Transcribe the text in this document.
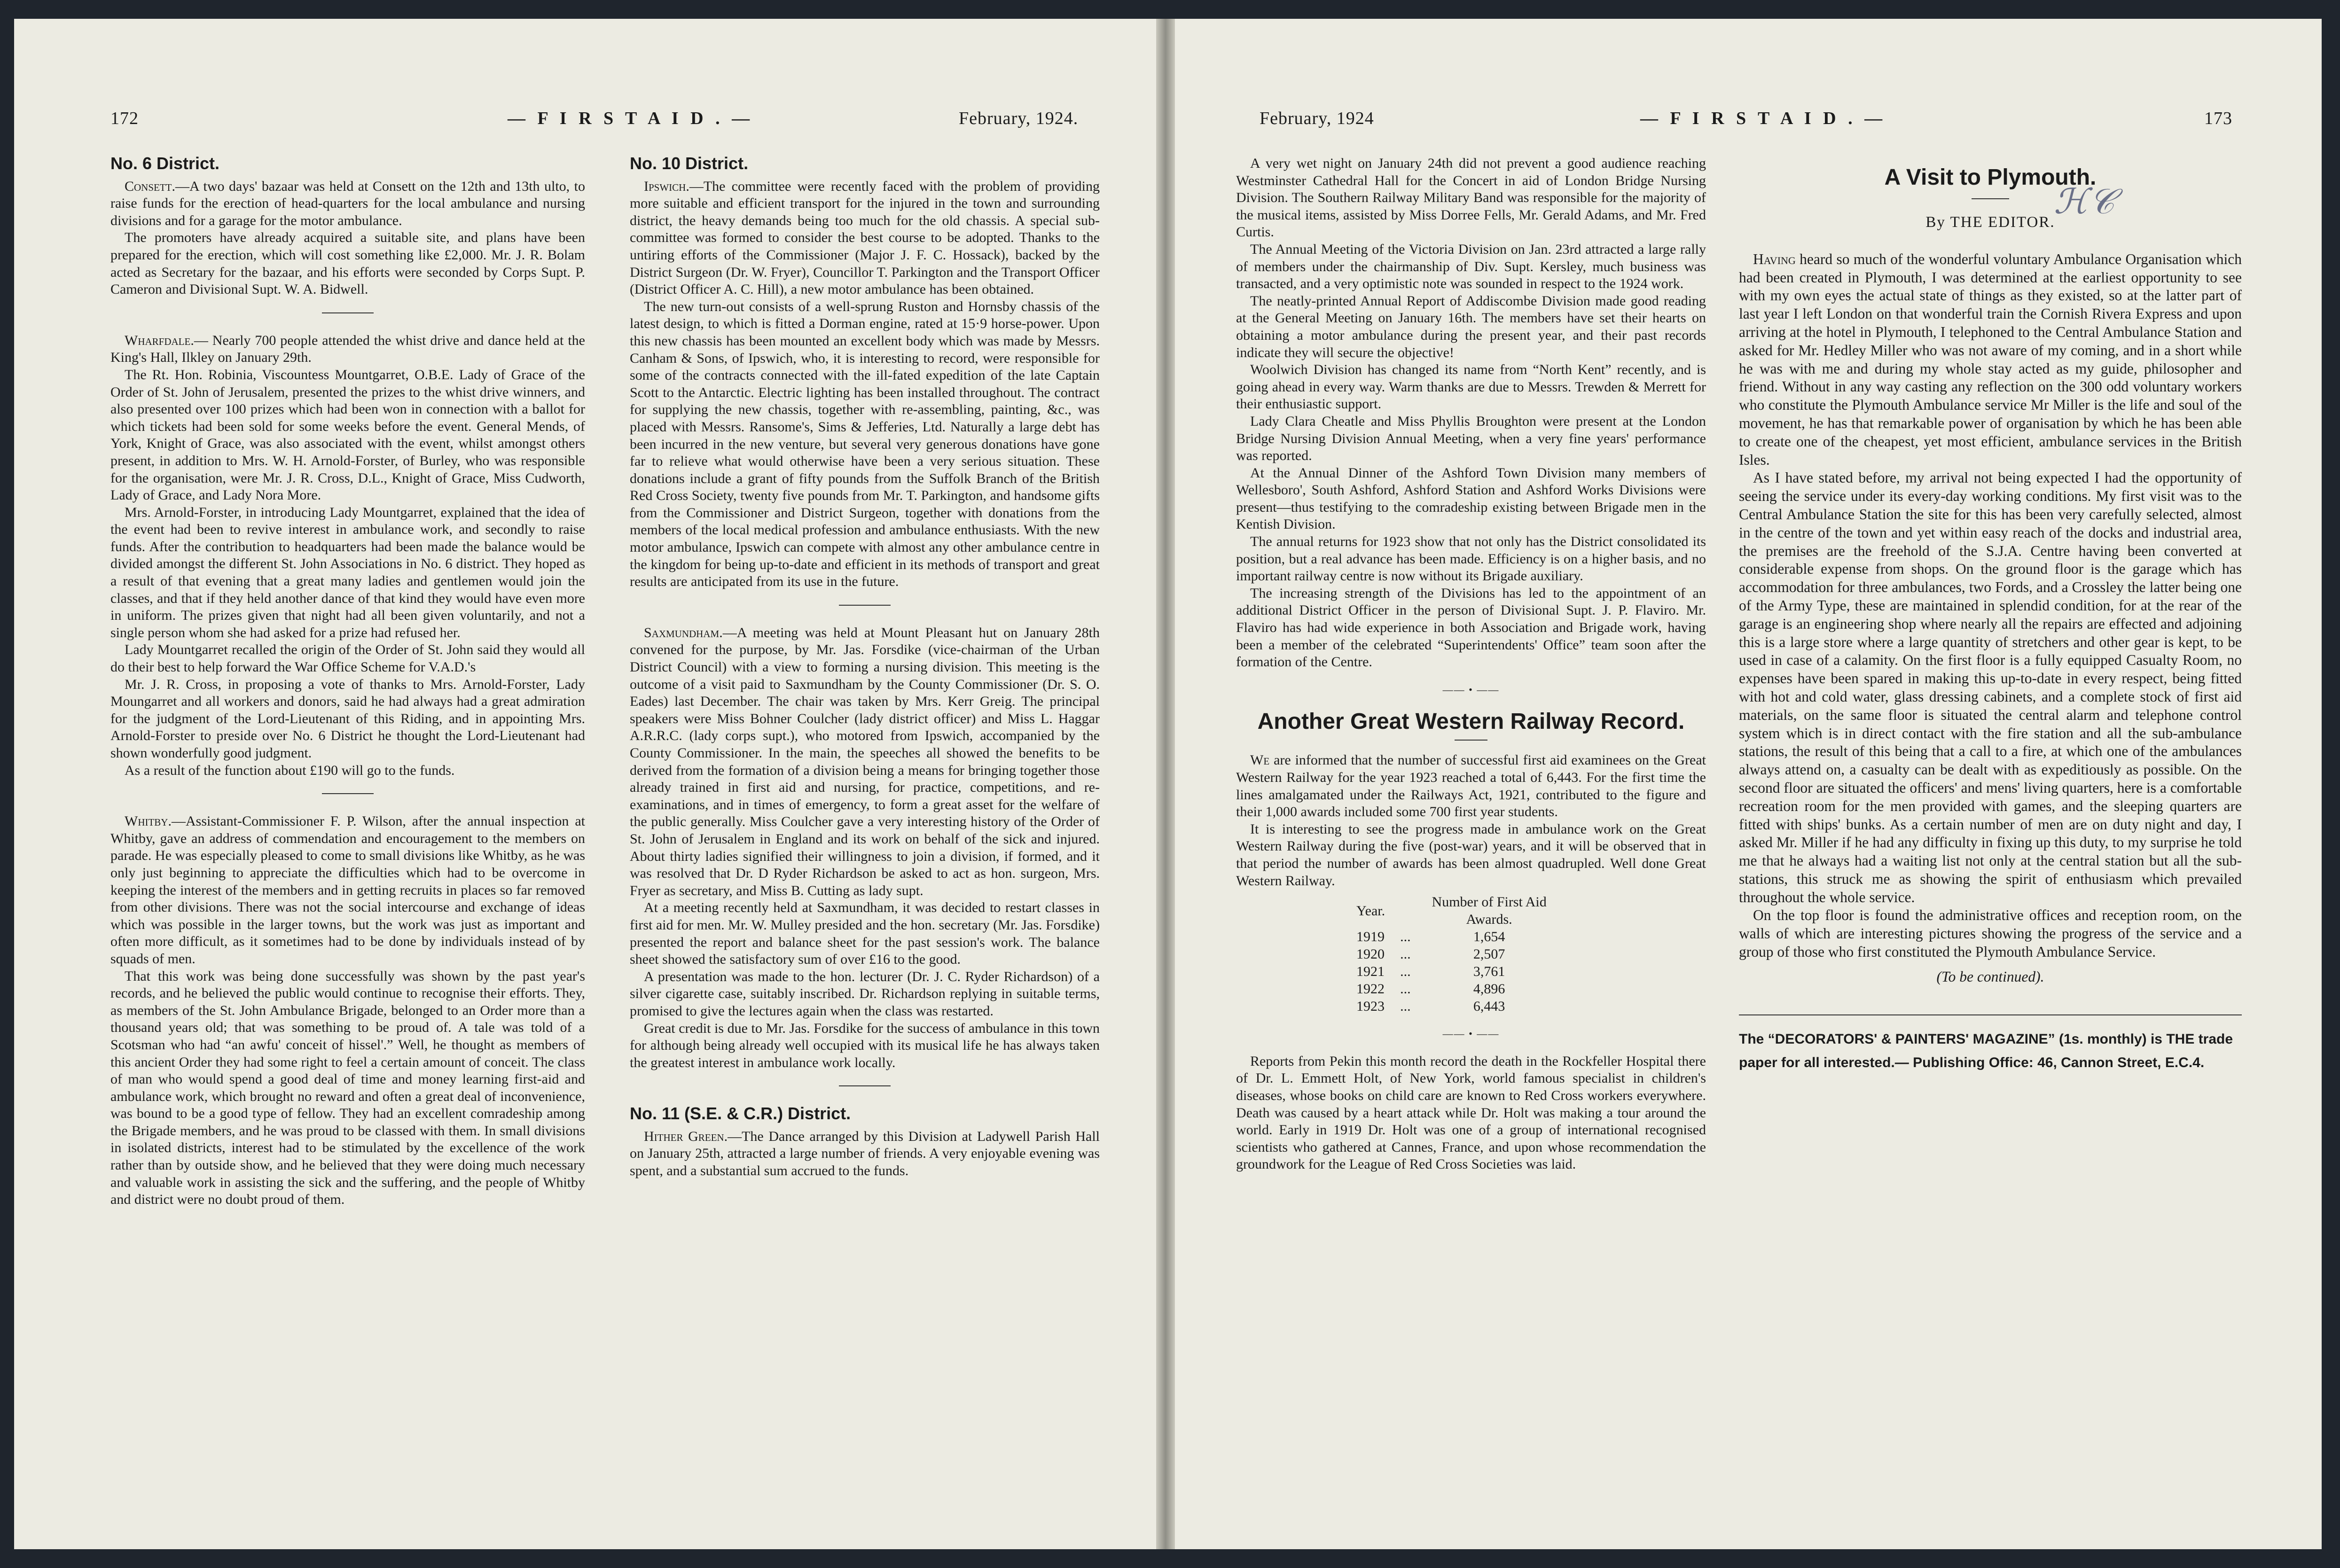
172	— F I R S T A I D . —	February, 1924.
No. 6 District.

Consett.—A two days' bazaar was held at Consett on the 12th and 13th ulto, to raise funds for the erection of head-quarters for the local ambulance and nursing divisions and for a garage for the motor ambulance.

The promoters have already acquired a suitable site, and plans have been prepared for the erection, which will cost something like £2,000. Mr. J. R. Bolam acted as Secretary for the bazaar, and his efforts were seconded by Corps Supt. P. Cameron and Divisional Supt. W. A. Bidwell.

Wharfdale.— Nearly 700 people attended the whist drive and dance held at the King's Hall, Ilkley on January 29th.

The Rt. Hon. Robinia, Viscountess Mountgarret, O.B.E. Lady of Grace of the Order of St. John of Jerusalem, presented the prizes to the whist drive winners, and also presented over 100 prizes which had been won in connection with a ballot for which tickets had been sold for some weeks before the event. General Mends, of York, Knight of Grace, was also associated with the event, whilst amongst others present, in addition to Mrs. W. H. Arnold-Forster, of Burley, who was responsible for the organisation, were Mr. J. R. Cross, D.L., Knight of Grace, Miss Cudworth, Lady of Grace, and Lady Nora More.

Mrs. Arnold-Forster, in introducing Lady Mountgarret, explained that the idea of the event had been to revive interest in ambulance work, and secondly to raise funds. After the contribution to headquarters had been made the balance would be divided amongst the different St. John Associations in No. 6 district. They hoped as a result of that evening that a great many ladies and gentlemen would join the classes, and that if they held another dance of that kind they would have even more in uniform. The prizes given that night had all been given voluntarily, and not a single person whom she had asked for a prize had refused her.

Lady Mountgarret recalled the origin of the Order of St. John said they would all do their best to help forward the War Office Scheme for V.A.D.'s

Mr. J. R. Cross, in proposing a vote of thanks to Mrs. Arnold-Forster, Lady Moungarret and all workers and donors, said he had always had a great admiration for the judgment of the Lord-Lieutenant of this Riding, and in appointing Mrs. Arnold-Forster to preside over No. 6 District he thought the Lord-Lieutenant had shown wonderfully good judgment.

As a result of the function about £190 will go to the funds.

Whitby.—Assistant-Commissioner F. P. Wilson, after the annual inspection at Whitby, gave an address of commendation and encouragement to the members on parade. He was especially pleased to come to small divisions like Whitby, as he was only just beginning to appreciate the difficulties which had to be overcome in keeping the interest of the members and in getting recruits in places so far removed from other divisions. There was not the social intercourse and exchange of ideas which was possible in the larger towns, but the work was just as important and often more difficult, as it sometimes had to be done by individuals instead of by squads of men.

That this work was being done successfully was shown by the past year's records, and he believed the public would continue to recognise their efforts. They, as members of the St. John Ambulance Brigade, belonged to an Order more than a thousand years old; that was something to be proud of. A tale was told of a Scotsman who had “an awfu' conceit of hissel'.” Well, he thought as members of this ancient Order they had some right to feel a certain amount of conceit. The class of man who would spend a good deal of time and money learning first-aid and ambulance work, which brought no reward and often a great deal of inconvenience, was bound to be a good type of fellow. They had an excellent comradeship among the Brigade members, and he was proud to be classed with them. In small divisions in isolated districts, interest had to be stimulated by the excellence of the work rather than by outside show, and he believed that they were doing much necessary and valuable work in assisting the sick and the suffering, and the people of Whitby and district were no doubt proud of them.

No. 10 District.

Ipswich.—The committee were recently faced with the problem of providing more suitable and efficient transport for the injured in the town and surrounding district, the heavy demands being too much for the old chassis. A special sub-committee was formed to consider the best course to be adopted. Thanks to the untiring efforts of the Commissioner (Major J. F. C. Hossack), backed by the District Surgeon (Dr. W. Fryer), Councillor T. Parkington and the Transport Officer (District Officer A. C. Hill), a new motor ambulance has been obtained.

The new turn-out consists of a well-sprung Ruston and Hornsby chassis of the latest design, to which is fitted a Dorman engine, rated at 15·9 horse-power. Upon this new chassis has been mounted an excellent body which was made by Messrs. Canham & Sons, of Ipswich, who, it is interesting to record, were responsible for some of the contracts connected with the ill-fated expedition of the late Captain Scott to the Antarctic. Electric lighting has been installed throughout. The contract for supplying the new chassis, together with re-assembling, painting, &c., was placed with Messrs. Ransome's, Sims & Jefferies, Ltd. Naturally a large debt has been incurred in the new venture, but several very generous donations have gone far to relieve what would otherwise have been a very serious situation. These donations include a grant of fifty pounds from the Suffolk Branch of the British Red Cross Society, twenty five pounds from Mr. T. Parkington, and handsome gifts from the Commissioner and District Surgeon, together with donations from the members of the local medical profession and ambulance enthusiasts. With the new motor ambulance, Ipswich can compete with almost any other ambulance centre in the kingdom for being up-to-date and efficient in its methods of transport and great results are anticipated from its use in the future.

Saxmundham.—A meeting was held at Mount Pleasant hut on January 28th convened for the purpose, by Mr. Jas. Forsdike (vice-chairman of the Urban District Council) with a view to forming a nursing division. This meeting is the outcome of a visit paid to Saxmundham by the County Commissioner (Dr. S. O. Eades) last December. The chair was taken by Mrs. Kerr Greig. The principal speakers were Miss Bohner Coulcher (lady district officer) and Miss L. Haggar A.R.R.C. (lady corps supt.), who motored from Ipswich, accompanied by the County Commissioner. In the main, the speeches all showed the benefits to be derived from the formation of a division being a means for bringing together those already trained in first aid and nursing, for practice, competitions, and re-examinations, and in times of emergency, to form a great asset for the welfare of the public generally. Miss Coulcher gave a very interesting history of the Order of St. John of Jerusalem in England and its work on behalf of the sick and injured. About thirty ladies signified their willingness to join a division, if formed, and it was resolved that Dr. D Ryder Richardson be asked to act as hon. surgeon, Mrs. Fryer as secretary, and Miss B. Cutting as lady supt.

At a meeting recently held at Saxmundham, it was decided to restart classes in first aid for men. Mr. W. Mulley presided and the hon. secretary (Mr. Jas. Forsdike) presented the report and balance sheet for the past session's work. The balance sheet showed the satisfactory sum of over £16 to the good.

A presentation was made to the hon. lecturer (Dr. J. C. Ryder Richardson) of a silver cigarette case, suitably inscribed. Dr. Richardson replying in suitable terms, promised to give the lectures again when the class was restarted.

Great credit is due to Mr. Jas. Forsdike for the success of ambulance in this town for although being already well occupied with its musical life he has always taken the greatest interest in ambulance work locally.

No. 11 (S.E. & C.R.) District.

Hither Green.—The Dance arranged by this Division at Ladywell Parish Hall on January 25th, attracted a large number of friends. A very enjoyable evening was spent, and a substantial sum accrued to the funds.

February, 1924	— F I R S T A I D . —	173

A very wet night on January 24th did not prevent a good audience reaching Westminster Cathedral Hall for the Concert in aid of London Bridge Nursing Division. The Southern Railway Military Band was responsible for the majority of the musical items, assisted by Miss Dorree Fells, Mr. Gerald Adams, and Mr. Fred Curtis.

The Annual Meeting of the Victoria Division on Jan. 23rd attracted a large rally of members under the chairmanship of Div. Supt. Kersley, much business was transacted, and a very optimistic note was sounded in respect to the 1924 work.

The neatly-printed Annual Report of Addiscombe Division made good reading at the General Meeting on January 16th. The members have set their hearts on obtaining a motor ambulance during the present year, and their past records indicate they will secure the objective!

Woolwich Division has changed its name from “North Kent” recently, and is going ahead in every way. Warm thanks are due to Messrs. Trewden & Merrett for their enthusiastic support.

Lady Clara Cheatle and Miss Phyllis Broughton were present at the London Bridge Nursing Division Annual Meeting, when a very fine years' performance was reported.

At the Annual Dinner of the Ashford Town Division many members of Wellesboro', South Ashford, Ashford Station and Ashford Works Divisions were present—thus testifying to the comradeship existing between Brigade men in the Kentish Division.

The annual returns for 1923 show that not only has the District consolidated its position, but a real advance has been made. Efficiency is on a higher basis, and no important railway centre is now without its Brigade auxiliary.

The increasing strength of the Divisions has led to the appointment of an additional District Officer in the person of Divisional Supt. J. P. Flaviro. Mr. Flaviro has had wide experience in both Association and Brigade work, having been a member of the celebrated “Superintendents' Office” team soon after the formation of the Centre.

—— • ——
Another Great Western Railway Record.

We are informed that the number of successful first aid examinees on the Great Western Railway for the year 1923 reached a total of 6,443. For the first time the lines amalgamated under the Railways Act, 1921, contributed to the figure and their 1,000 awards included some 700 first year students.

It is interesting to see the progress made in ambulance work on the Great Western Railway during the five (post-war) years, and it will be observed that in that period the number of awards has been almost quadrupled. Well done Great Western Railway.

Year.		Number of First Aid Awards.
1919	...	1,654
1920	...	2,507
1921	...	3,761
1922	...	4,896
1923	...	6,443
—— • ——

Reports from Pekin this month record the death in the Rockfeller Hospital there of Dr. L. Emmett Holt, of New York, world famous specialist in children's diseases, whose books on child care are known to Red Cross workers everywhere. Death was caused by a heart attack while Dr. Holt was making a tour around the world. Early in 1919 Dr. Holt was one of a group of international recognised scientists who gathered at Cannes, France, and upon whose recommendation the groundwork for the League of Red Cross Societies was laid.

A Visit to Plymouth.
By THE EDITOR.
ℋ𝒞

Having heard so much of the wonderful voluntary Ambulance Organisation which had been created in Plymouth, I was determined at the earliest opportunity to see with my own eyes the actual state of things as they existed, so at the latter part of last year I left London on that wonderful train the Cornish Rivera Express and upon arriving at the hotel in Plymouth, I telephoned to the Central Ambulance Station and asked for Mr. Hedley Miller who was not aware of my coming, and in a short while he was with me and during my whole stay acted as my guide, philosopher and friend. Without in any way casting any reflection on the 300 odd voluntary workers who constitute the Plymouth Ambulance service Mr Miller is the life and soul of the movement, he has that remarkable power of organisation by which he has been able to create one of the cheapest, yet most efficient, ambulance services in the British Isles.

As I have stated before, my arrival not being expected I had the opportunity of seeing the service under its every-day working conditions. My first visit was to the Central Ambulance Station the site for this has been very carefully selected, almost in the centre of the town and yet within easy reach of the docks and industrial area, the premises are the freehold of the S.J.A. Centre having been converted at considerable expense from shops. On the ground floor is the garage which has accommodation for three ambulances, two Fords, and a Crossley the latter being one of the Army Type, these are maintained in splendid condition, for at the rear of the garage is an engineering shop where nearly all the repairs are effected and adjoining this is a large store where a large quantity of stretchers and other gear is kept, to be used in case of a calamity. On the first floor is a fully equipped Casualty Room, no expenses have been spared in making this up-to-date in every respect, being fitted with hot and cold water, glass dressing cabinets, and a complete stock of first aid materials, on the same floor is situated the central alarm and telephone control system which is in direct contact with the fire station and all the sub-ambulance stations, the result of this being that a call to a fire, at which one of the ambulances always attend on, a casualty can be dealt with as expeditiously as possible. On the second floor are situated the officers' and mens' living quarters, here is a comfortable recreation room for the men provided with games, and the sleeping quarters are fitted with ships' bunks. As a certain number of men are on duty night and day, I asked Mr. Miller if he had any difficulty in fixing up this duty, to my surprise he told me that he always had a waiting list not only at the central station but all the sub-stations, this struck me as showing the spirit of enthusiasm which prevailed throughout the whole service.

On the top floor is found the administrative offices and reception room, on the walls of which are interesting pictures showing the progress of the service and a group of those who first constituted the Plymouth Ambulance Service.

(To be continued).
The “DECORATORS' & PAINTERS' MAGAZINE” (1s. monthly) is THE trade paper for all interested.— Publishing Office: 46, Cannon Street, E.C.4.
